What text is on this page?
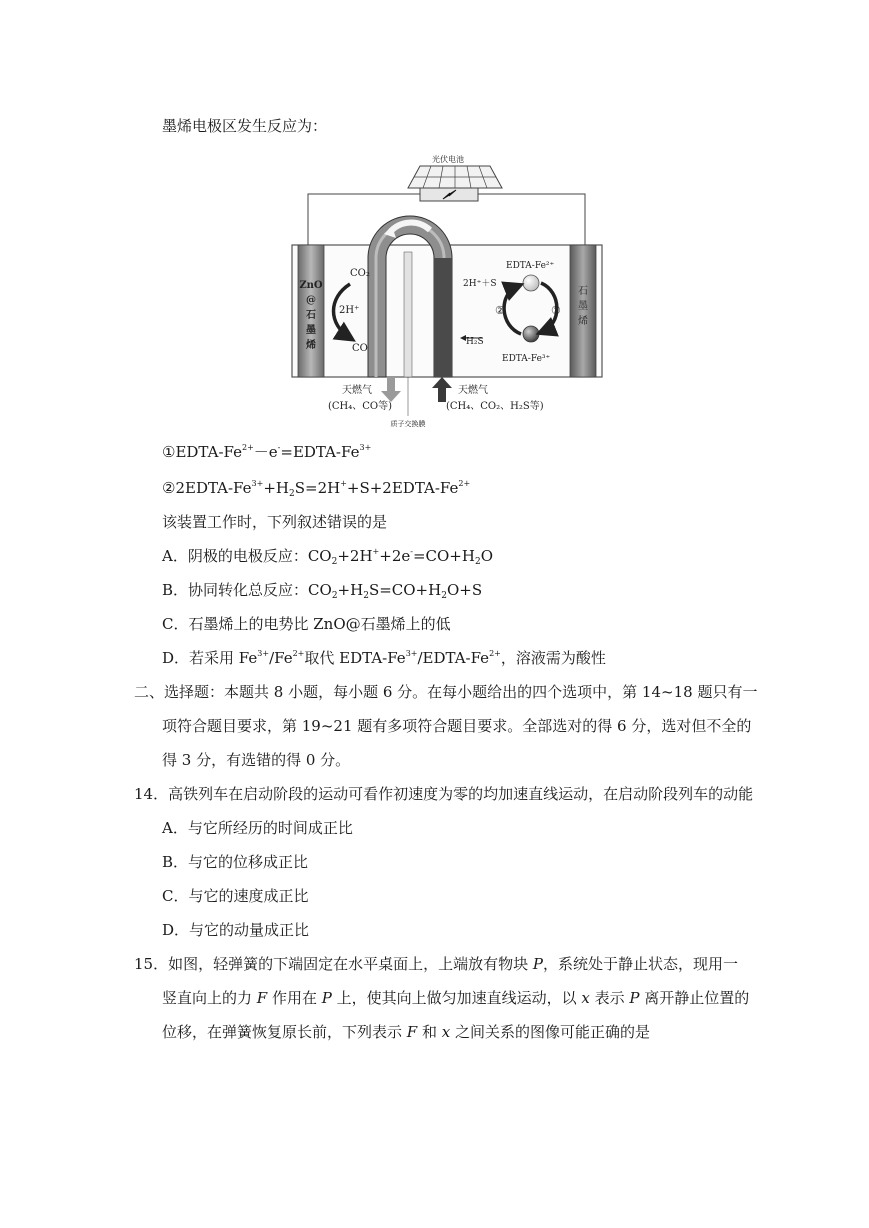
墨烯电极区发生反应为：
光伏电池
ZnO
@
石
墨
烯
石
墨
烯
CO₂
2H⁺
CO
EDTA-Fe²⁺
2H⁺＋S
②	①
H₂S
EDTA-Fe³⁺
天燃气
(CH₄、CO等)
天燃气
(CH₄、CO₂、H₂S等)
质子交换膜
①EDTA-$Fe^{2+}-e^-=EDTA-Fe^{3+}$
$②2EDTA-Fe^{3+}+H_2S=2H^++S+2EDTA-Fe^{2+}$
该装置工作时，下列叙述错误的是
A．阴极的电极反应：$CO_2+2H^++2e^-=CO+H_2O$
B．协同转化总反应：$CO_2+H_2S=CO+H_2O+S$
C．石墨烯上的电势比 ZnO@石墨烯上的低
D．若采用 $Fe^{3+}/Fe^{2+}$取代 EDTA-$Fe^{3+}/EDTA-Fe^{2+}$，溶液需为酸性
二、选择题：本题共 8 小题，每小题 6 分。在每小题给出的四个选项中，第 14~18 题只有一
项符合题目要求，第 19~21 题有多项符合题目要求。全部选对的得 6 分，选对但不全的
得 3 分，有选错的得 0 分。
14．高铁列车在启动阶段的运动可看作初速度为零的均加速直线运动，在启动阶段列车的动能
A．与它所经历的时间成正比
B．与它的位移成正比
C．与它的速度成正比
D．与它的动量成正比
15．如图，轻弹簧的下端固定在水平桌面上，上端放有物块 P，系统处于静止状态，现用一
竖直向上的力 F 作用在 P 上，使其向上做匀加速直线运动，以 x 表示 P 离开静止位置的
位移，在弹簧恢复原长前，下列表示 F 和 x 之间关系的图像可能正确的是
